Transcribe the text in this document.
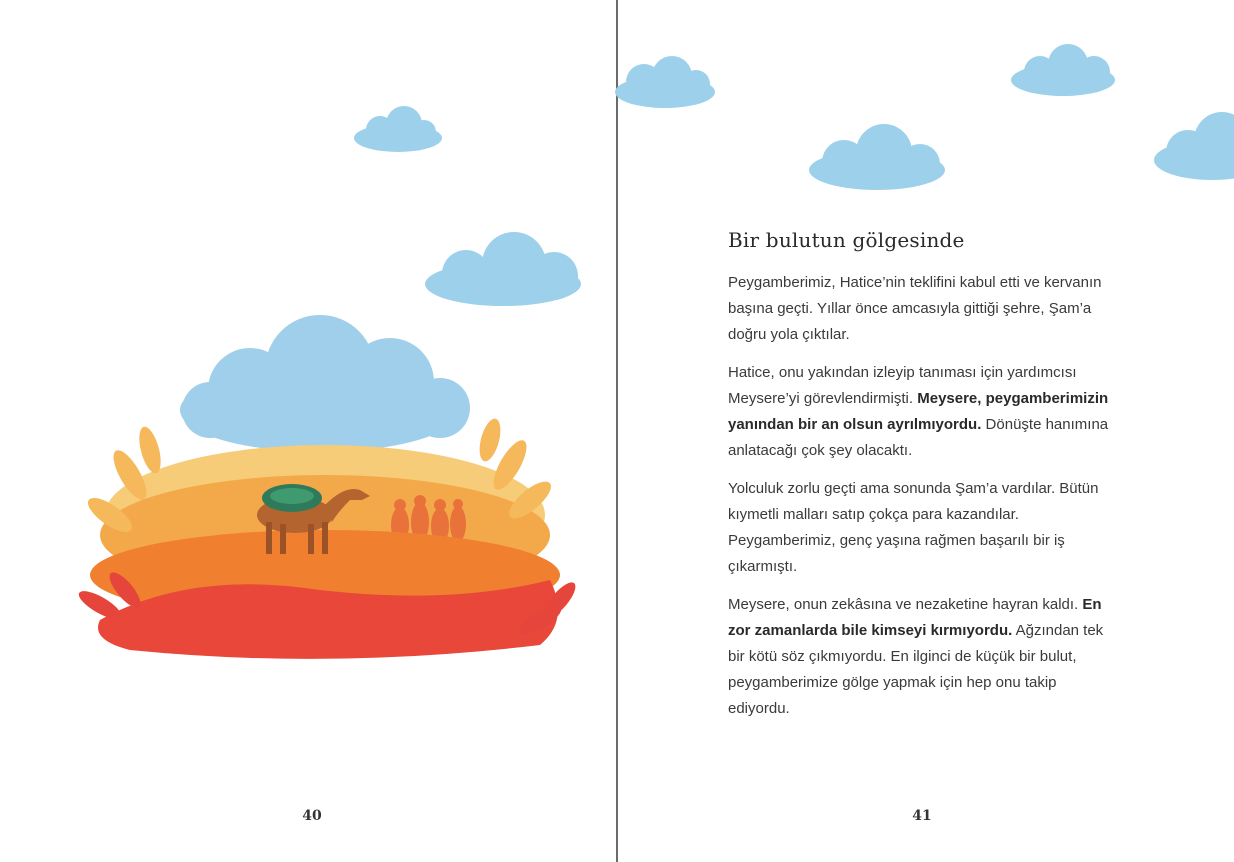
40
Bir bulutun gölgesinde

Peygamberimiz, Hatice’nin teklifini kabul etti ve kervanın başına geçti. Yıllar önce amcasıyla gittiği şehre, Şam’a doğru yola çıktılar.

Hatice, onu yakından izleyip tanıması için yardımcısı Meysere’yi görevlendirmişti. Meysere, peygamberimizin yanından bir an olsun ayrılmıyordu. Dönüşte hanımına anlatacağı çok şey olacaktı.

Yolculuk zorlu geçti ama sonunda Şam’a vardılar. Bütün kıymetli malları satıp çokça para kazandılar. Peygamberimiz, genç yaşına rağmen başarılı bir iş çıkarmıştı.

Meysere, onun zekâsına ve nezaketine hayran kaldı. En zor zamanlarda bile kimseyi kırmıyordu. Ağzından tek bir kötü söz çıkmıyordu. En ilginci de küçük bir bulut, peygamberimize gölge yapmak için hep onu takip ediyordu.

41
